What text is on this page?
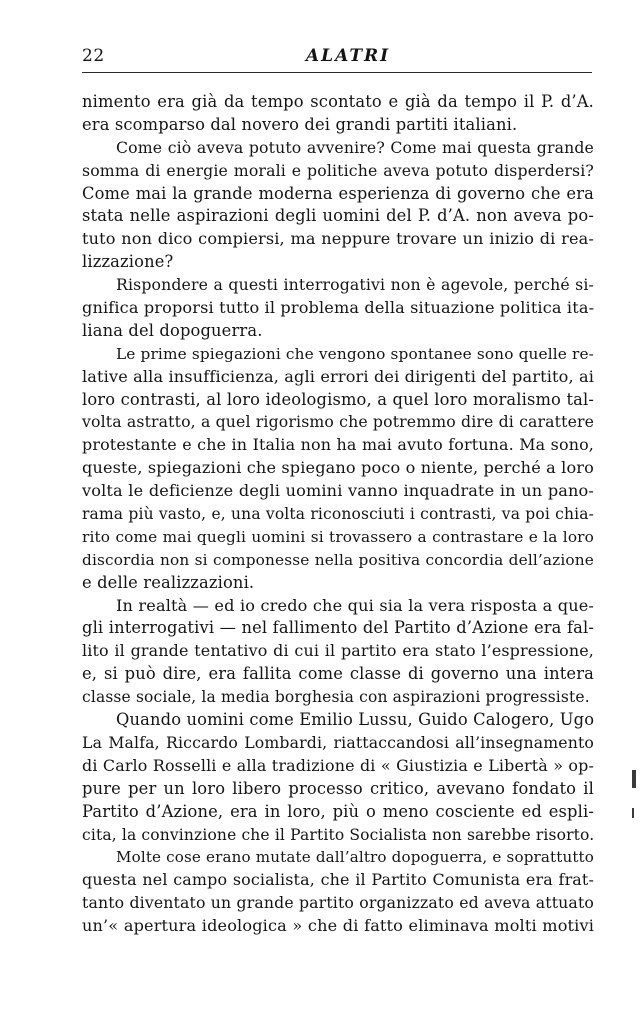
22	ALATRI
nimento era già da tempo scontato e già da tempo il P. d’A.
era scomparso dal novero dei grandi partiti italiani.
Come ciò aveva potuto avvenire? Come mai questa grande
somma di energie morali e politiche aveva potuto disperdersi?
Come mai la grande moderna esperienza di governo che era
stata nelle aspirazioni degli uomini del P. d’A. non aveva po-
tuto non dico compiersi, ma neppure trovare un inizio di rea-
lizzazione?
Rispondere a questi interrogativi non è agevole, perché si-
gnifica proporsi tutto il problema della situazione politica ita-
liana del dopoguerra.
Le prime spiegazioni che vengono spontanee sono quelle re-
lative alla insufficienza, agli errori dei dirigenti del partito, ai
loro contrasti, al loro ideologismo, a quel loro moralismo tal-
volta astratto, a quel rigorismo che potremmo dire di carattere
protestante e che in Italia non ha mai avuto fortuna. Ma sono,
queste, spiegazioni che spiegano poco o niente, perché a loro
volta le deficienze degli uomini vanno inquadrate in un pano-
rama più vasto, e, una volta riconosciuti i contrasti, va poi chia-
rito come mai quegli uomini si trovassero a contrastare e la loro
discordia non si componesse nella positiva concordia dell’azione
e delle realizzazioni.
In realtà — ed io credo che qui sia la vera risposta a que-
gli interrogativi — nel fallimento del Partito d’Azione era fal-
lito il grande tentativo di cui il partito era stato l’espressione,
e, si può dire, era fallita come classe di governo una intera
classe sociale, la media borghesia con aspirazioni progressiste.
Quando uomini come Emilio Lussu, Guido Calogero, Ugo
La Malfa, Riccardo Lombardi, riattaccandosi all’insegnamento
di Carlo Rosselli e alla tradizione di « Giustizia e Libertà » op-
pure per un loro libero processo critico, avevano fondato il
Partito d’Azione, era in loro, più o meno cosciente ed espli-
cita, la convinzione che il Partito Socialista non sarebbe risorto.
Molte cose erano mutate dall’altro dopoguerra, e soprattutto
questa nel campo socialista, che il Partito Comunista era frat-
tanto diventato un grande partito organizzato ed aveva attuato
un’« apertura ideologica » che di fatto eliminava molti motivi
